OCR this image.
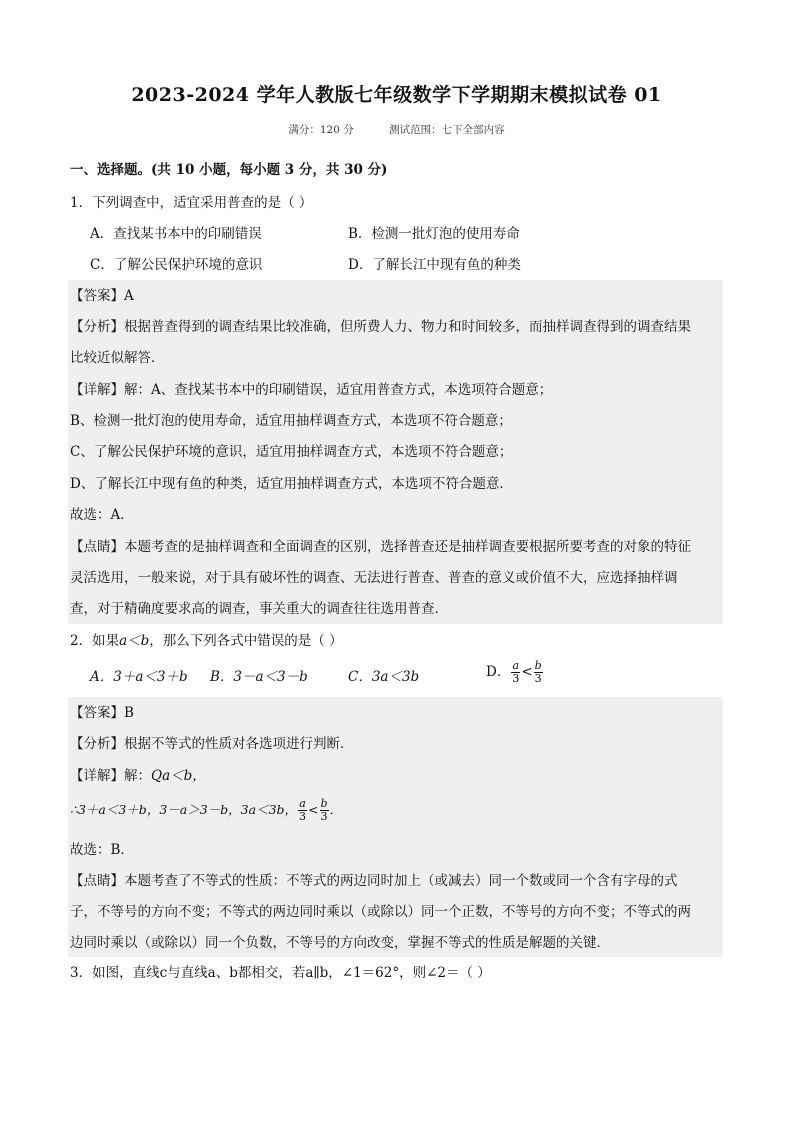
2023-2024 学年人教版七年级数学下学期期末模拟试卷 01
满分：120 分	测试范围：七下全部内容
一、选择题。(共 10 小题，每小题 3 分，共 30 分)
1．下列调查中，适宜采用普查的是（ ）
A．查找某书本中的印刷错误	B．检测一批灯泡的使用寿命
C．了解公民保护环境的意识	D．了解长江中现有鱼的种类
【答案】A
【分析】根据普查得到的调查结果比较准确，但所费人力、物力和时间较多，而抽样调查得到的调查结果
比较近似解答．
【详解】解：A、查找某书本中的印刷错误，适宜用普查方式，本选项符合题意；
B、检测一批灯泡的使用寿命，适宜用抽样调查方式，本选项不符合题意；
C、了解公民保护环境的意识，适宜用抽样调查方式，本选项不符合题意；
D、了解长江中现有鱼的种类，适宜用抽样调查方式，本选项不符合题意．
故选：A．
【点睛】本题考查的是抽样调查和全面调查的区别，选择普查还是抽样调查要根据所要考查的对象的特征
灵活选用，一般来说，对于具有破坏性的调查、无法进行普查、普查的意义或价值不大，应选择抽样调
查，对于精确度要求高的调查，事关重大的调查往往选用普查．
2．如果a＜b，那么下列各式中错误的是（ ）
A．3＋a＜3＋b B．3－a＜3－b	C．3a＜3b	D． $\frac{a}{3} < \frac{b}{3}$
【答案】B
【分析】根据不等式的性质对各选项进行判断．
【详解】解：Qa＜b，
∴3＋a＜3＋b，3－a＞3－b，3a＜3b， $\frac{a}{3} < \frac{b}{3}$ ．
故选：B．
【点睛】本题考查了不等式的性质：不等式的两边同时加上（或减去）同一个数或同一个含有字母的式
子，不等号的方向不变；不等式的两边同时乘以（或除以）同一个正数，不等号的方向不变；不等式的两
边同时乘以（或除以）同一个负数，不等号的方向改变，掌握不等式的性质是解题的关键．
3．如图，直线c与直线a、b都相交，若a∥b，∠1＝62°，则∠2＝（ ）
